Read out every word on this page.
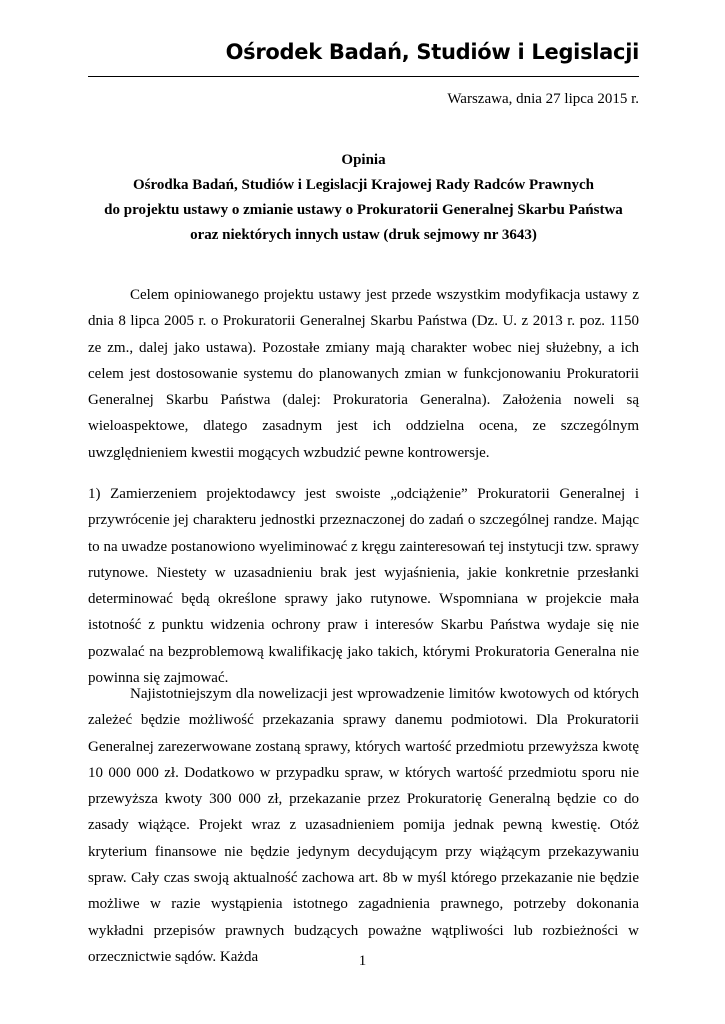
Ośrodek Badań, Studiów i Legislacji
Warszawa, dnia 27 lipca 2015 r.
Opinia
Ośrodka Badań, Studiów i Legislacji Krajowej Rady Radców Prawnych
do projektu ustawy o zmianie ustawy o Prokuratorii Generalnej Skarbu Państwa
oraz niektórych innych ustaw (druk sejmowy nr 3643)

Celem opiniowanego projektu ustawy jest przede wszystkim modyfikacja ustawy z dnia 8 lipca 2005 r. o Prokuratorii Generalnej Skarbu Państwa (Dz. U. z 2013 r. poz. 1150 ze zm., dalej jako ustawa). Pozostałe zmiany mają charakter wobec niej służebny, a ich celem jest dostosowanie systemu do planowanych zmian w funkcjonowaniu Prokuratorii Generalnej Skarbu Państwa (dalej: Prokuratoria Generalna). Założenia noweli są wieloaspektowe, dlatego zasadnym jest ich oddzielna ocena, ze szczególnym uwzględnieniem kwestii mogących wzbudzić pewne kontrowersje.

1) Zamierzeniem projektodawcy jest swoiste „odciążenie” Prokuratorii Generalnej i przywrócenie jej charakteru jednostki przeznaczonej do zadań o szczególnej randze. Mając to na uwadze postanowiono wyeliminować z kręgu zainteresowań tej instytucji tzw. sprawy rutynowe. Niestety w uzasadnieniu brak jest wyjaśnienia, jakie konkretnie przesłanki determinować będą określone sprawy jako rutynowe. Wspomniana w projekcie mała istotność z punktu widzenia ochrony praw i interesów Skarbu Państwa wydaje się nie pozwalać na bezproblemową kwalifikację jako takich, którymi Prokuratoria Generalna nie powinna się zajmować.

Najistotniejszym dla nowelizacji jest wprowadzenie limitów kwotowych od których zależeć będzie możliwość przekazania sprawy danemu podmiotowi. Dla Prokuratorii Generalnej zarezerwowane zostaną sprawy, których wartość przedmiotu przewyższa kwotę 10 000 000 zł. Dodatkowo w przypadku spraw, w których wartość przedmiotu sporu nie przewyższa kwoty 300 000 zł, przekazanie przez Prokuratorię Generalną będzie co do zasady wiążące. Projekt wraz z uzasadnieniem pomija jednak pewną kwestię. Otóż kryterium finansowe nie będzie jedynym decydującym przy wiążącym przekazywaniu spraw. Cały czas swoją aktualność zachowa art. 8b w myśl którego przekazanie nie będzie możliwe w razie wystąpienia istotnego zagadnienia prawnego, potrzeby dokonania wykładni przepisów prawnych budzących poważne wątpliwości lub rozbieżności w orzecznictwie sądów. Każda	1
